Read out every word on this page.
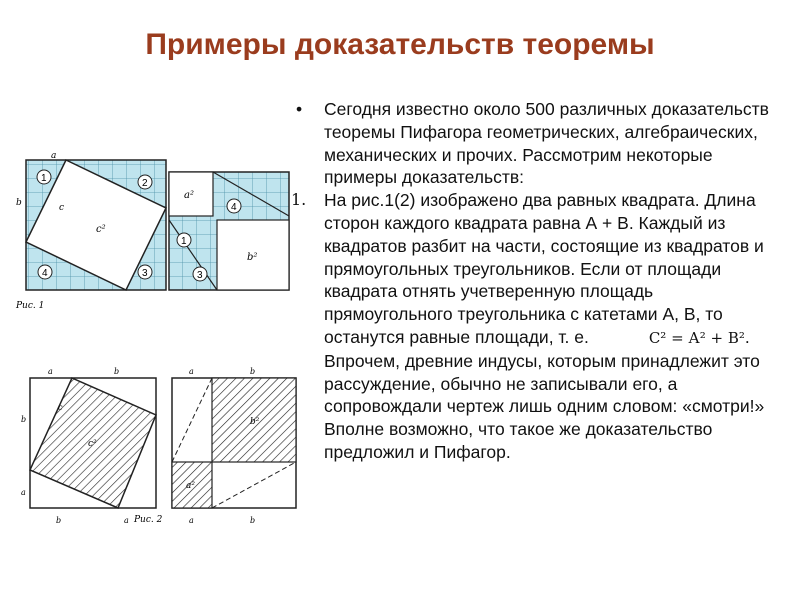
Примеры доказательств теоремы
a
b	c
c²
1	2
3
4
a²
b²
1
4
3
Рис. 1
a	b
b
a
c²
c
b	a
b²
a²
a	b
a	b
Рис. 2

•	Сегодня известно около 500 различных доказательств теоремы Пифагора геометрических, алгебраических, механических и прочих. Рассмотрим некоторые примеры доказательств:

1.	На рис.1(2) изображено два равных квадрата. Длина сторон каждого квадрата равна А + В. Каждый из квадратов разбит на части, состоящие из квадратов и прямоугольных треугольников. Если от площади квадрата отнять учетверенную площадь прямоугольного треугольника с катетами А, В, то останутся равные площади, т. е.	С² = А² + В². Впрочем, древние индусы, которым принадлежит это рассуждение, обычно не записывали его, а сопровождали чертеж лишь одним словом: «смотри!» Вполне возможно, что такое же доказательство предложил и Пифагор.
